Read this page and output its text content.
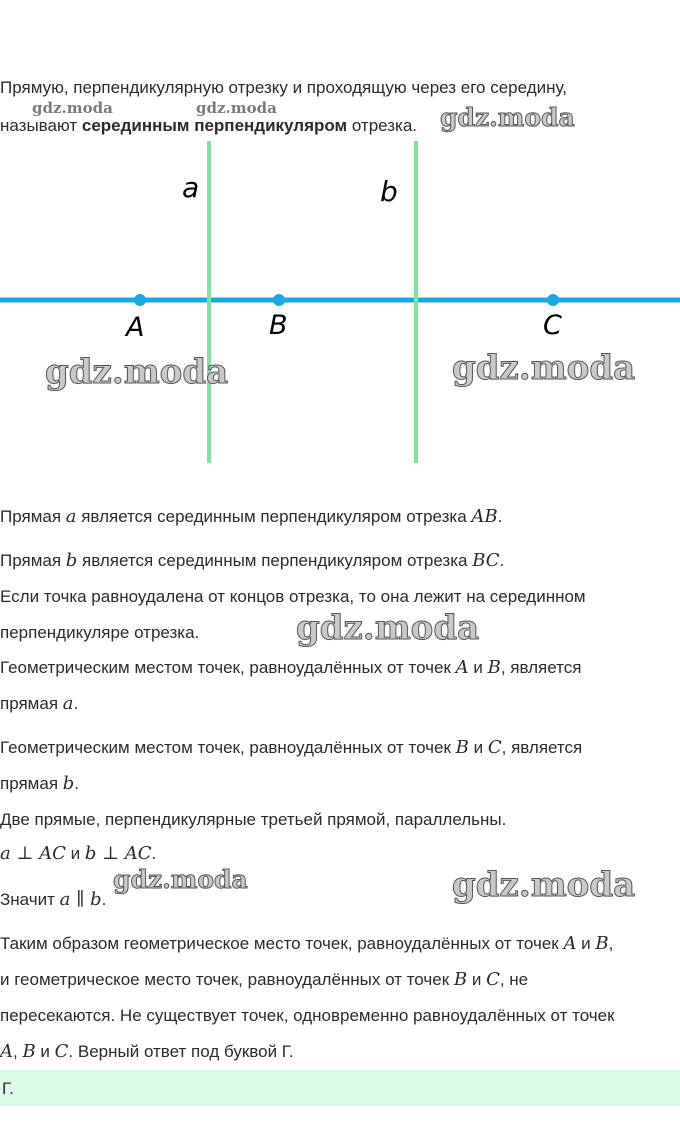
Прямую, перпендикулярную отрезку и проходящую через его середину,
называют серединным перпендикуляром отрезка.
a	b
A	B	C
Прямая a является серединным перпендикуляром отрезка AB.
Прямая b является серединным перпендикуляром отрезка BC.
Если точка равноудалена от концов отрезка, то она лежит на серединном
перпендикуляре отрезка.
Геометрическим местом точек, равноудалённых от точек A и B, является
прямая a.
Геометрическим местом точек, равноудалённых от точек B и C, является
прямая b.
Две прямые, перпендикулярные третьей прямой, параллельны.
a ⊥ AC и b ⊥ AC.
Значит a ∥ b.
Таким образом геометрическое место точек, равноудалённых от точек A и B,
и геометрическое место точек, равноудалённых от точек B и C, не
пересекаются. Не существует точек, одновременно равноудалённых от точек
A, B и C. Верный ответ под буквой Г.
Г.
gdz.moda	gdz.moda	gdz.moda
gdz.moda	gdz.moda
gdz.moda
gdz.moda	gdz.moda
